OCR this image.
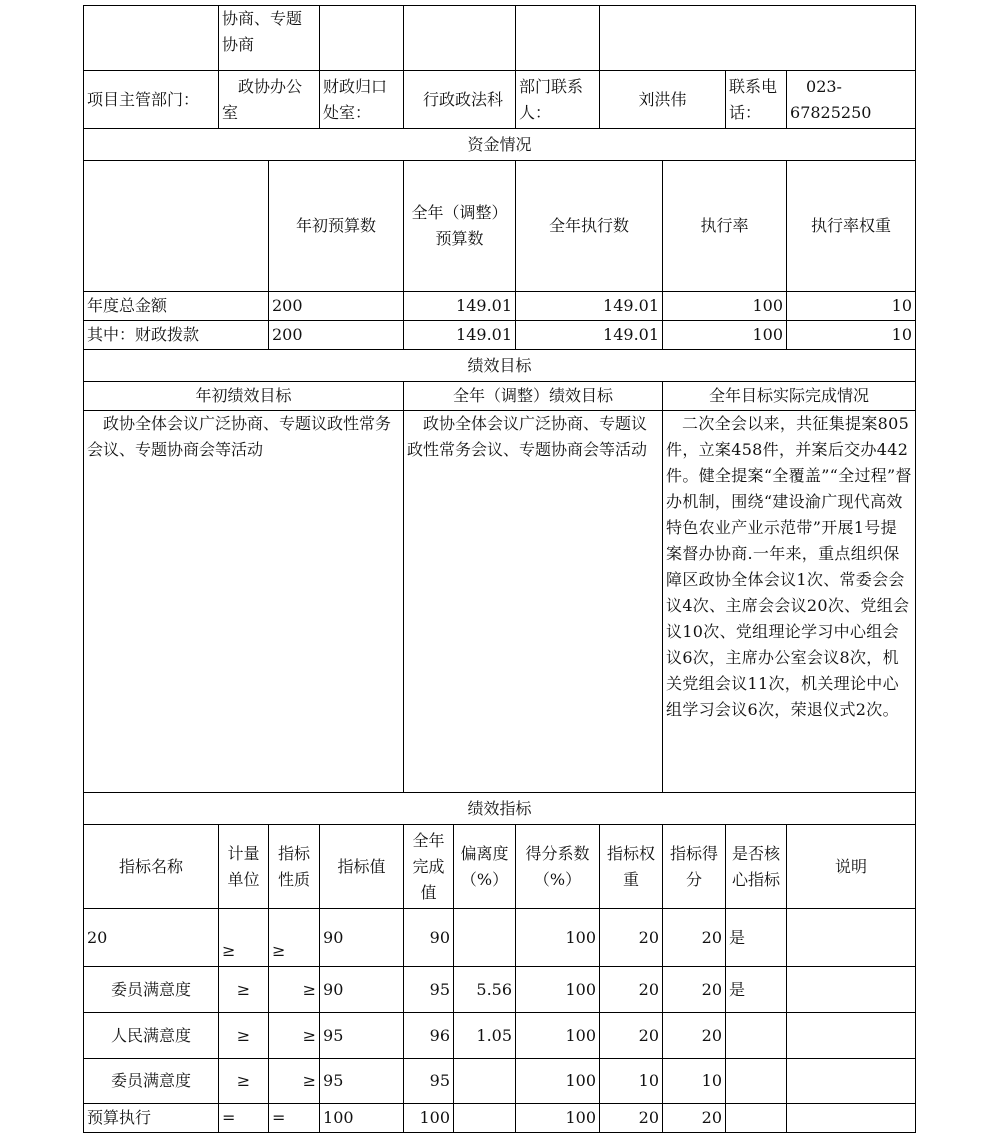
	协商、专题协商										
项目主管部门：	政协办公室		财政归口处室：	行政政法科		部门联系人：	刘洪伟		联系电话：	023-67825250	
资金情况											
		年初预算数		全年（调整）预算数		全年执行数		执行率		执行率权重	
年度总金额		200		149.01		149.01		100		10	
其中：财政拨款		200		149.01		149.01		100		10	
绩效目标											
年初绩效目标				全年（调整）绩效目标				全年目标实际完成情况			
政协全体会议广泛协商、专题议政性常务会议、专题协商会等活动				政协全体会议广泛协商、专题议政性常务会议、专题协商会等活动				二次全会以来，共征集提案805件，立案458件，并案后交办442件。健全提案“全覆盖”“全过程”督办机制，围绕“建设渝广现代高效特色农业产业示范带”开展1号提案督办协商.一年来，重点组织保障区政协全体会议1次、常委会会议4次、主席会会议20次、党组会议10次、党组理论学习中心组会议6次，主席办公室会议8次，机关党组会议11次，机关理论中心组学习会议6次，荣退仪式2次。			
绩效指标											
指标名称	计量单位	指标性质	指标值	全年完成值	偏离度（%）	得分系数（%）	指标权重	指标得分	是否核心指标	说明	
20	≥	≥	90	90		100	20	20	是		
委员满意度	≥	≥	90	95	5.56	100	20	20	是		
人民满意度	≥	≥	95	96	1.05	100	20	20			
委员满意度	≥	≥	95	95		100	10	10			
预算执行	=	=	100	100		100	20	20			
